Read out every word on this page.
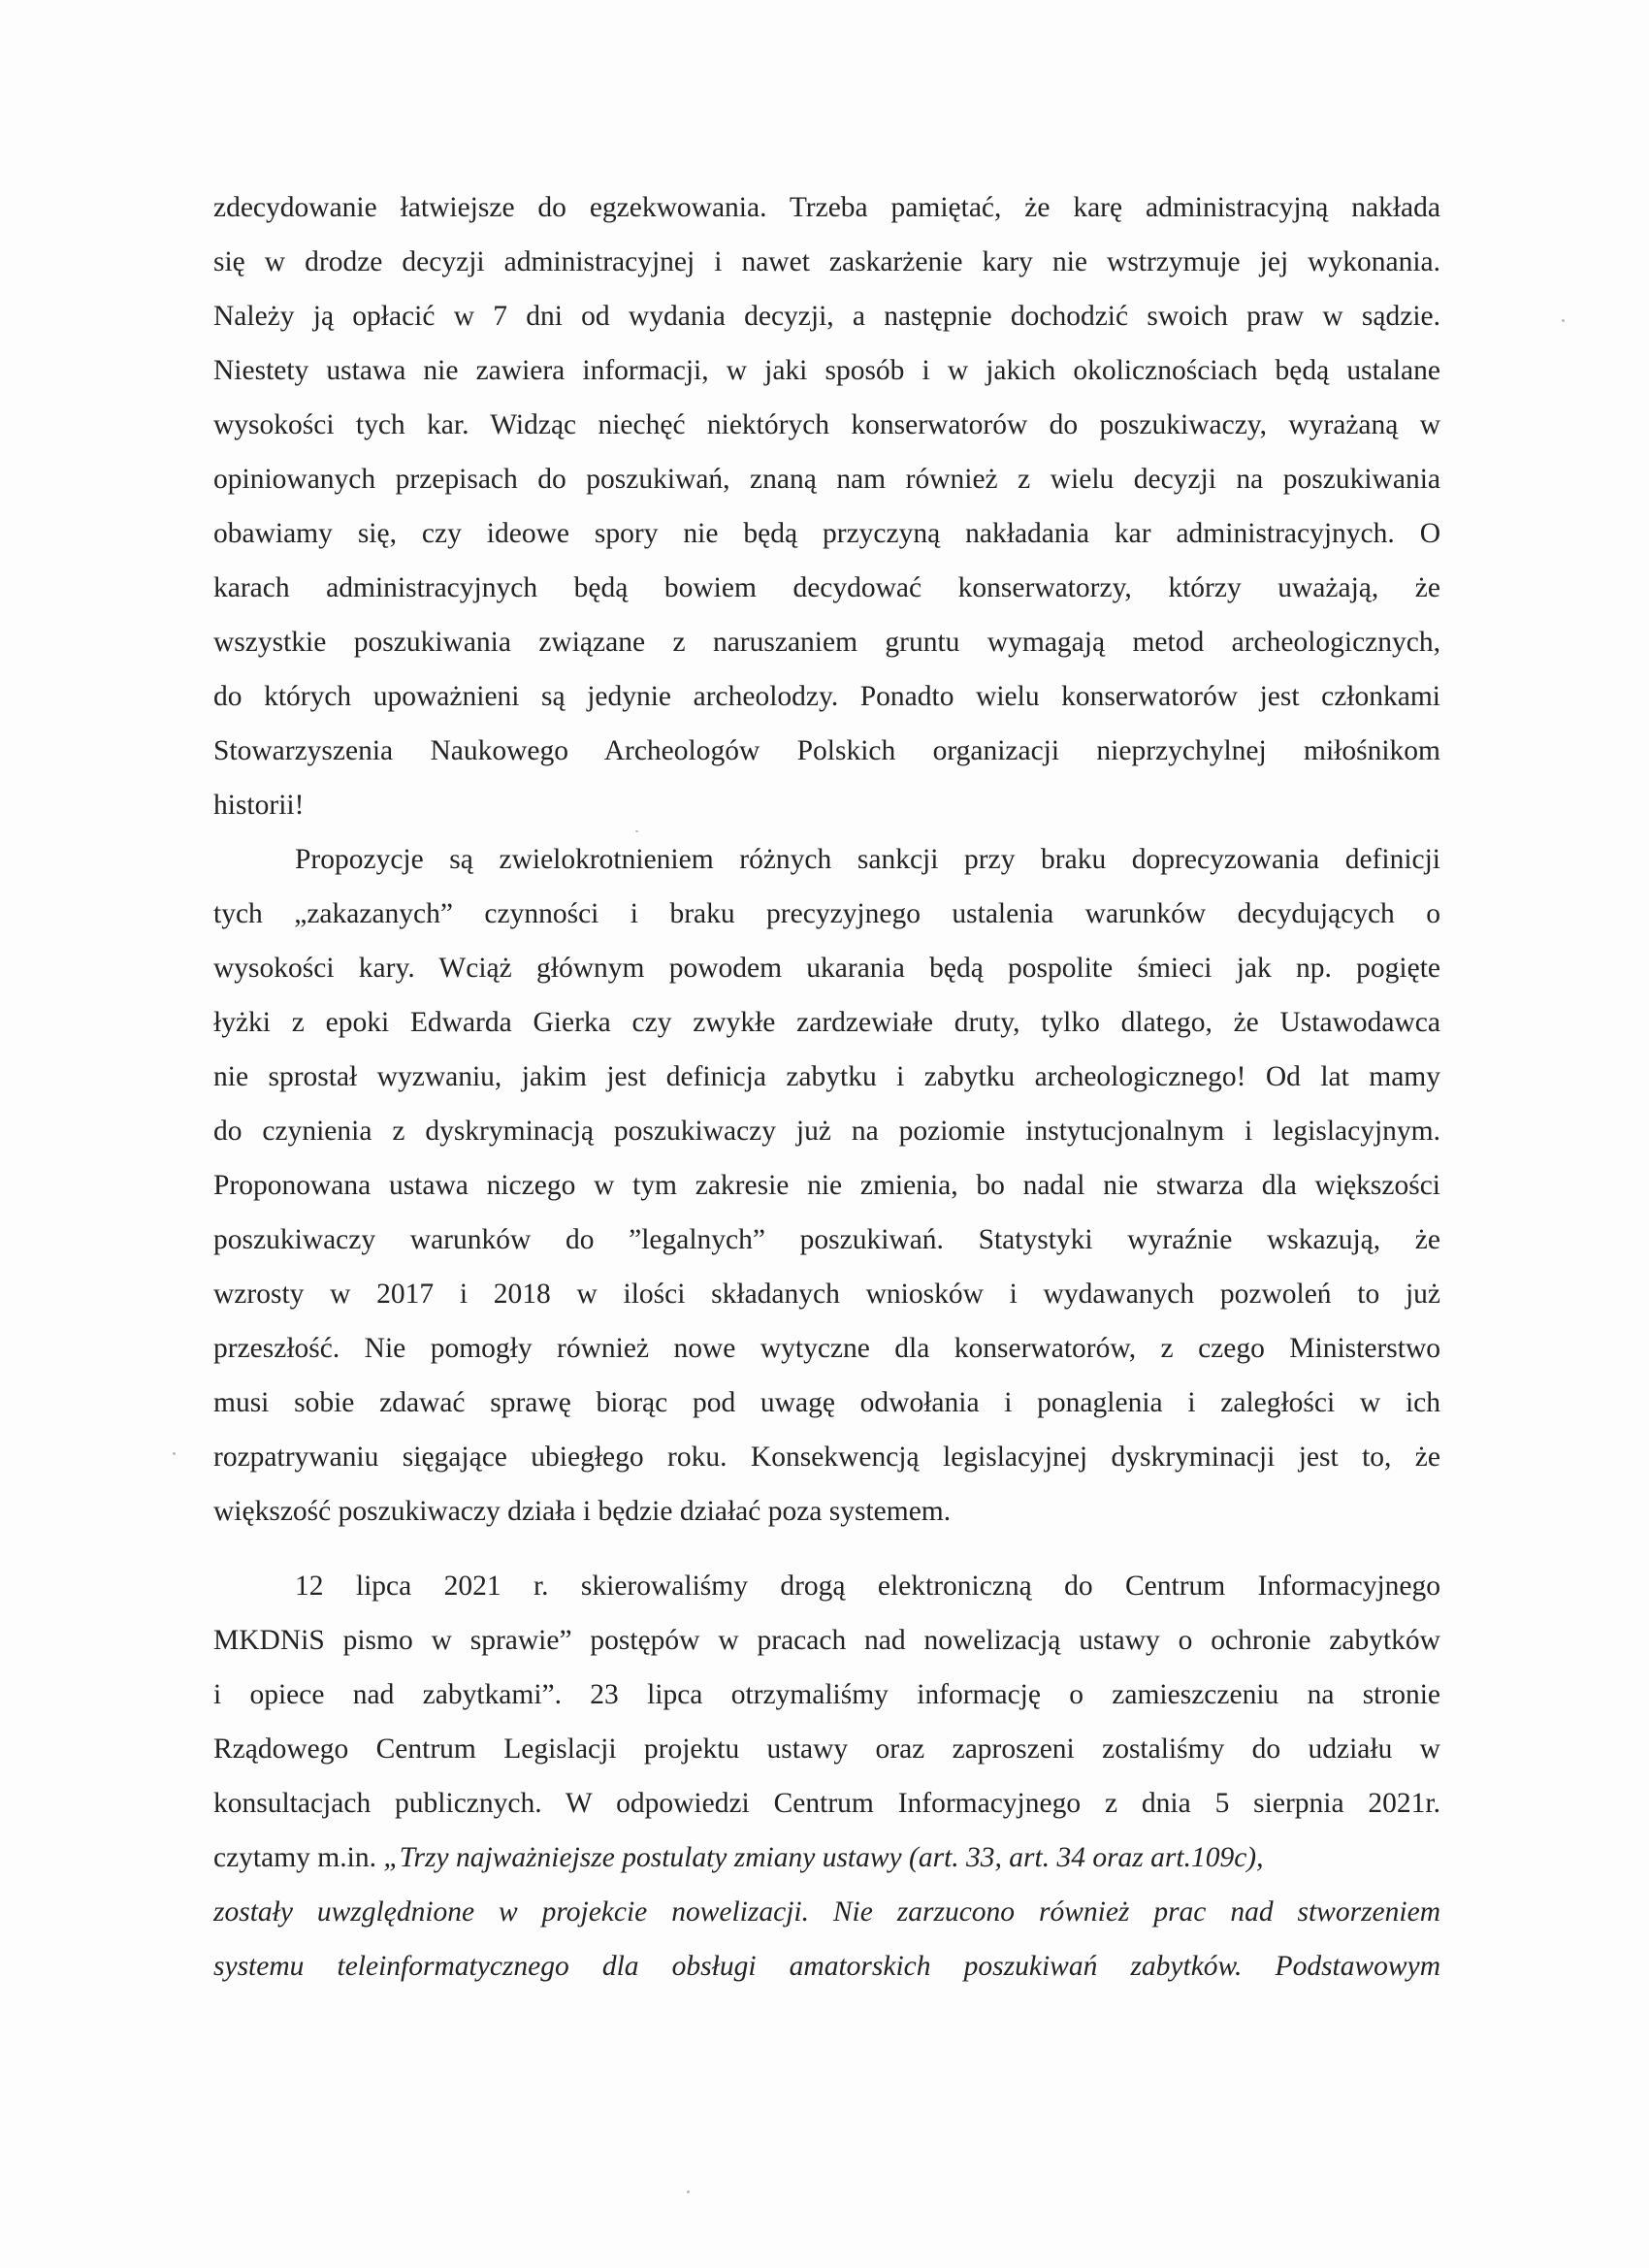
zdecydowanie łatwiejsze do egzekwowania. Trzeba pamiętać, że karę administracyjną nakłada
się w drodze decyzji administracyjnej i nawet zaskarżenie kary nie wstrzymuje jej wykonania.
Należy ją opłacić w 7 dni od wydania decyzji, a następnie dochodzić swoich praw w sądzie.
Niestety ustawa nie zawiera informacji, w jaki sposób i w jakich okolicznościach będą ustalane
wysokości tych kar. Widząc niechęć niektórych konserwatorów do poszukiwaczy, wyrażaną w
opiniowanych przepisach do poszukiwań, znaną nam również z wielu decyzji na poszukiwania
obawiamy się, czy ideowe spory nie będą przyczyną nakładania kar administracyjnych. O
karach administracyjnych będą bowiem decydować konserwatorzy, którzy uważają, że
wszystkie poszukiwania związane z naruszaniem gruntu wymagają metod archeologicznych,
do których upoważnieni są jedynie archeolodzy. Ponadto wielu konserwatorów jest członkami
Stowarzyszenia Naukowego Archeologów Polskich organizacji nieprzychylnej miłośnikom
historii!
Propozycje są zwielokrotnieniem różnych sankcji przy braku doprecyzowania definicji
tych „zakazanych” czynności i braku precyzyjnego ustalenia warunków decydujących o
wysokości kary. Wciąż głównym powodem ukarania będą pospolite śmieci jak np. pogięte
łyżki z epoki Edwarda Gierka czy zwykłe zardzewiałe druty, tylko dlatego, że Ustawodawca
nie sprostał wyzwaniu, jakim jest definicja zabytku i zabytku archeologicznego! Od lat mamy
do czynienia z dyskryminacją poszukiwaczy już na poziomie instytucjonalnym i legislacyjnym.
Proponowana ustawa niczego w tym zakresie nie zmienia, bo nadal nie stwarza dla większości
poszukiwaczy warunków do ”legalnych” poszukiwań. Statystyki wyraźnie wskazują, że
wzrosty w 2017 i 2018 w ilości składanych wniosków i wydawanych pozwoleń to już
przeszłość. Nie pomogły również nowe wytyczne dla konserwatorów, z czego Ministerstwo
musi sobie zdawać sprawę biorąc pod uwagę odwołania i ponaglenia i zaległości w ich
rozpatrywaniu sięgające ubiegłego roku. Konsekwencją legislacyjnej dyskryminacji jest to, że
większość poszukiwaczy działa i będzie działać poza systemem.
12 lipca 2021 r. skierowaliśmy drogą elektroniczną do Centrum Informacyjnego
MKDNiS pismo w sprawie” postępów w pracach nad nowelizacją ustawy o ochronie zabytków
i opiece nad zabytkami”. 23 lipca otrzymaliśmy informację o zamieszczeniu na stronie
Rządowego Centrum Legislacji projektu ustawy oraz zaproszeni zostaliśmy do udziału w
konsultacjach publicznych. W odpowiedzi Centrum Informacyjnego z dnia 5 sierpnia 2021r.
czytamy m.in. „Trzy najważniejsze postulaty zmiany ustawy (art. 33, art. 34 oraz art.109c),
zostały uwzględnione w projekcie nowelizacji. Nie zarzucono również prac nad stworzeniem
systemu teleinformatycznego dla obsługi amatorskich poszukiwań zabytków. Podstawowym
